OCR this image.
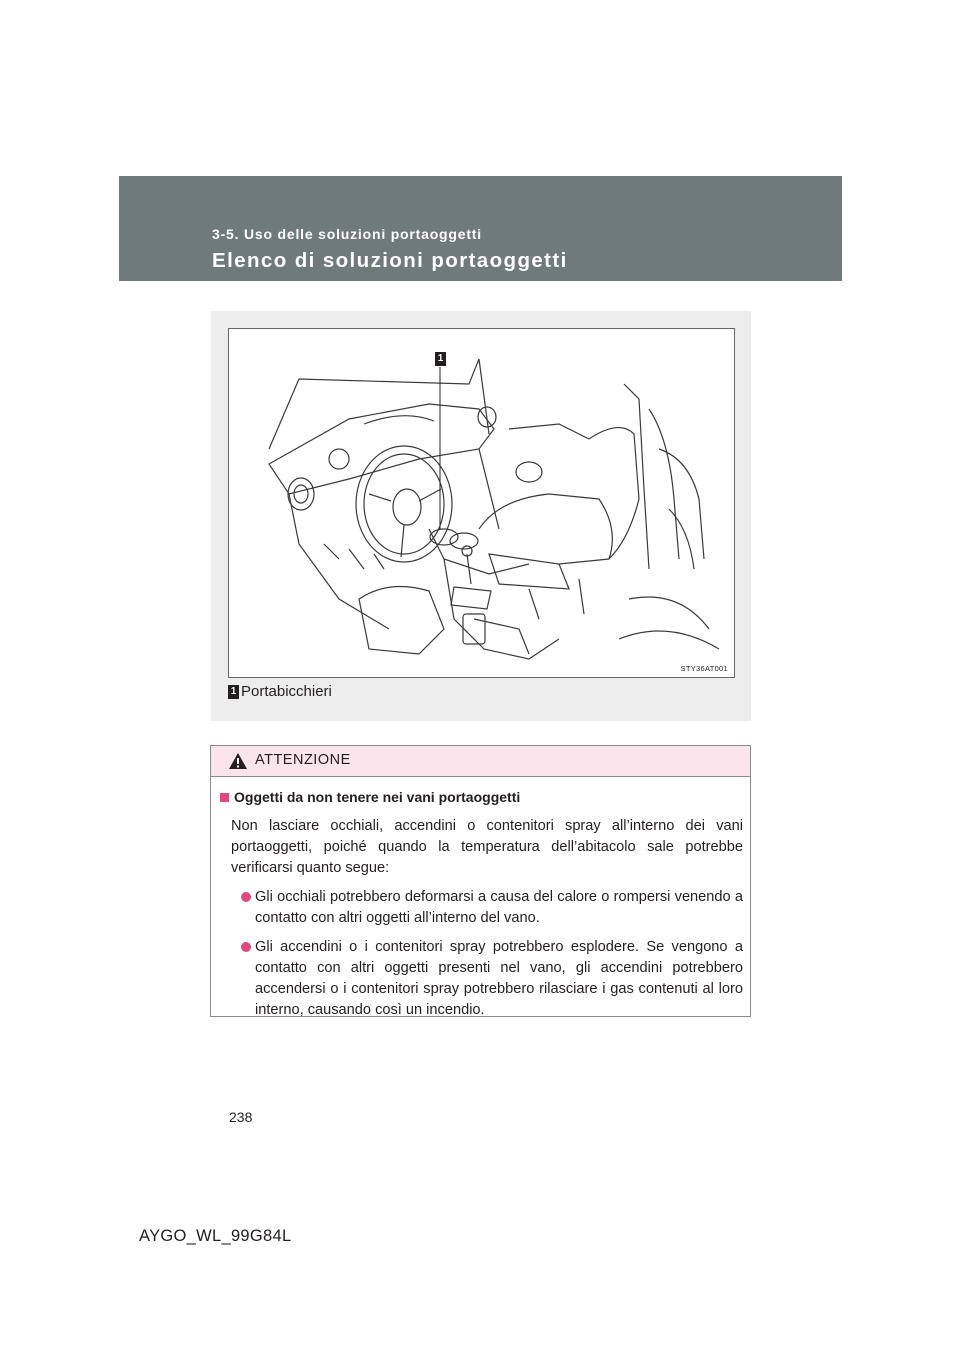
3-5. Uso delle soluzioni portaoggetti
Elenco di soluzioni portaoggetti
1
STY36AT001
1 Portabicchieri
ATTENZIONE
Oggetti da non tenere nei vani portaoggetti
Non lasciare occhiali, accendini o contenitori spray all’interno dei vani portaoggetti, poiché quando la temperatura dell’abitacolo sale potrebbe verificarsi quanto segue:
Gli occhiali potrebbero deformarsi a causa del calore o rompersi venendo a contatto con altri oggetti all’interno del vano.
Gli accendini o i contenitori spray potrebbero esplodere. Se vengono a contatto con altri oggetti presenti nel vano, gli accendini potrebbero accendersi o i contenitori spray potrebbero rilasciare i gas contenuti al loro interno, causando così un incendio.
238
AYGO_WL_99G84L
